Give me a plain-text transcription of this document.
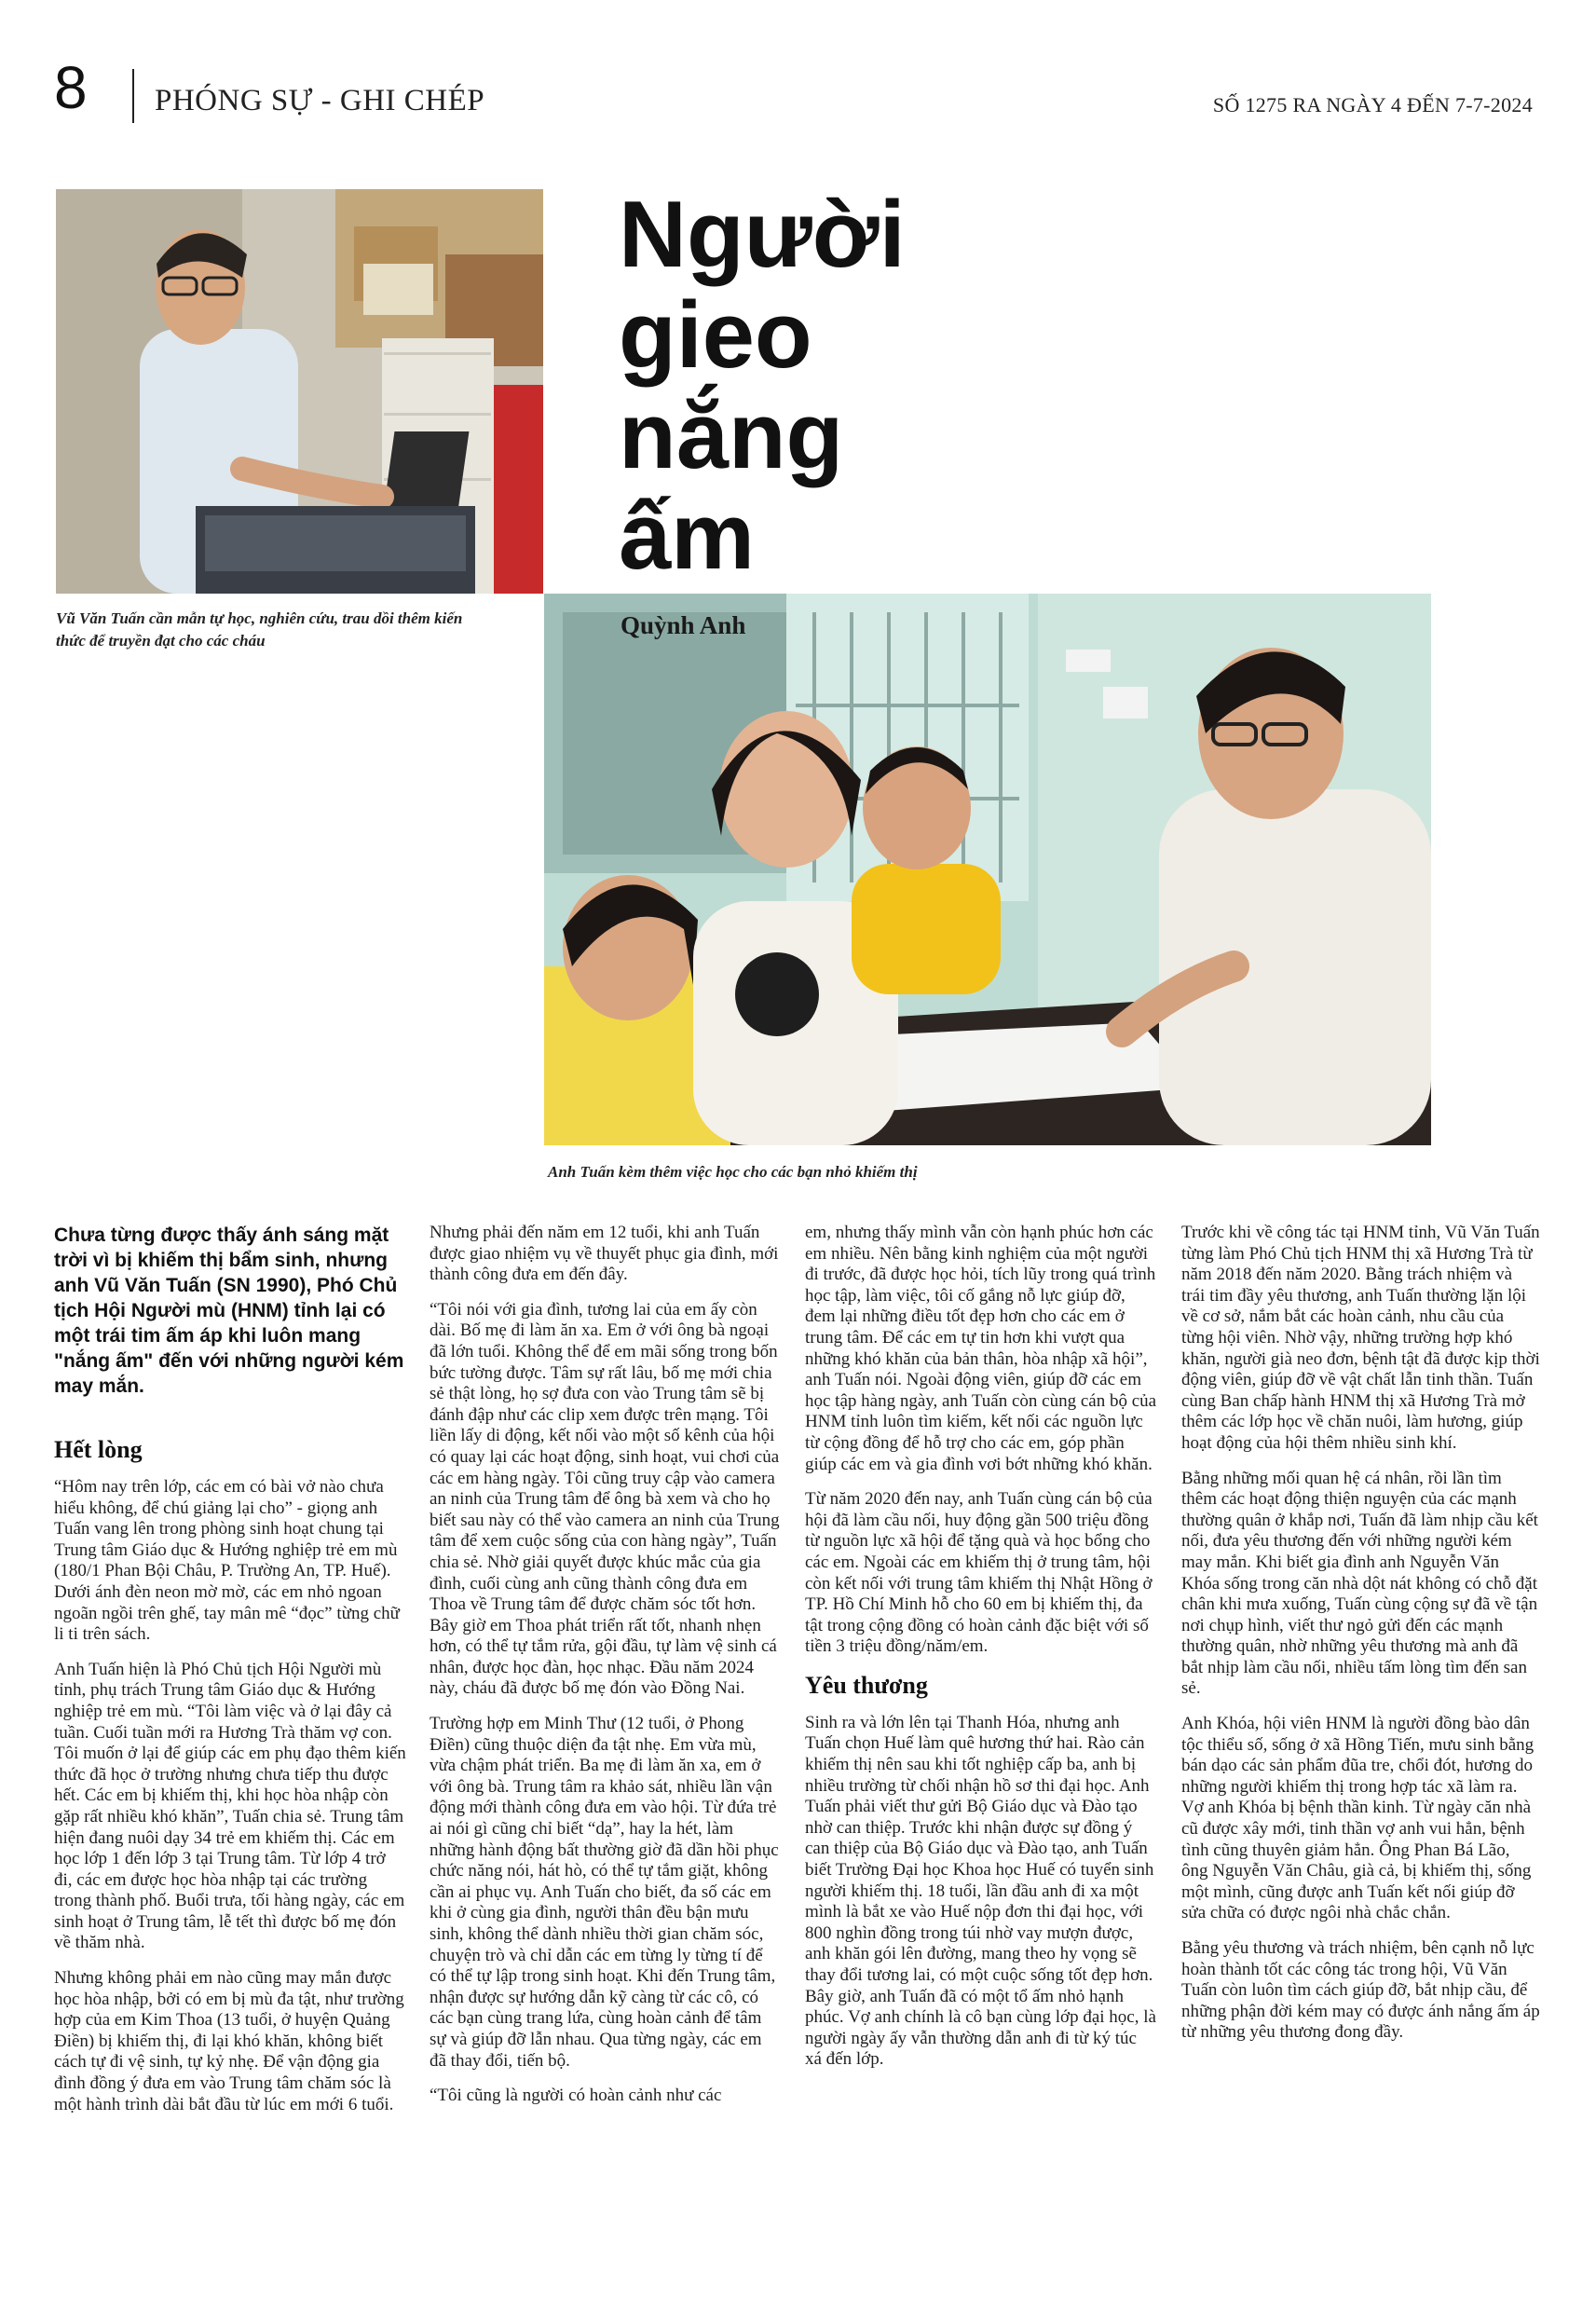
8 PHÓNG SỰ - GHI CHÉP	SỐ 1275 RA NGÀY 4 ĐẾN 7-7-2024
Người
gieo
nắng
ấm
Quỳnh Anh
Vũ Văn Tuấn cần mẫn tự học, nghiên cứu, trau dồi thêm kiến thức để truyền đạt cho các cháu
Anh Tuấn kèm thêm việc học cho các bạn nhỏ khiếm thị

Chưa từng được thấy ánh sáng mặt trời vì bị khiếm thị bẩm sinh, nhưng anh Vũ Văn Tuấn (SN 1990), Phó Chủ tịch Hội Người mù (HNM) tỉnh lại có một trái tim ấm áp khi luôn mang "nắng ấm" đến với những người kém may mắn.

Hết lòng

“Hôm nay trên lớp, các em có bài vở nào chưa hiểu không, để chú giảng lại cho” - giọng anh Tuấn vang lên trong phòng sinh hoạt chung tại Trung tâm Giáo dục & Hướng nghiệp trẻ em mù (180/1 Phan Bội Châu, P. Trường An, TP. Huế). Dưới ánh đèn neon mờ mờ, các em nhỏ ngoan ngoãn ngồi trên ghế, tay mân mê “đọc” từng chữ li ti trên sách.

Anh Tuấn hiện là Phó Chủ tịch Hội Người mù tỉnh, phụ trách Trung tâm Giáo dục & Hướng nghiệp trẻ em mù. “Tôi làm việc và ở lại đây cả tuần. Cuối tuần mới ra Hương Trà thăm vợ con. Tôi muốn ở lại để giúp các em phụ đạo thêm kiến thức đã học ở trường nhưng chưa tiếp thu được hết. Các em bị khiếm thị, khi học hòa nhập còn gặp rất nhiều khó khăn”, Tuấn chia sẻ. Trung tâm hiện đang nuôi dạy 34 trẻ em khiếm thị. Các em học lớp 1 đến lớp 3 tại Trung tâm. Từ lớp 4 trở đi, các em được học hòa nhập tại các trường trong thành phố. Buổi trưa, tối hàng ngày, các em sinh hoạt ở Trung tâm, lễ tết thì được bố mẹ đón về thăm nhà.

Nhưng không phải em nào cũng may mắn được học hòa nhập, bởi có em bị mù đa tật, như trường hợp của em Kim Thoa (13 tuổi, ở huyện Quảng Điền) bị khiếm thị, đi lại khó khăn, không biết cách tự đi vệ sinh, tự kỷ nhẹ. Để vận động gia đình đồng ý đưa em vào Trung tâm chăm sóc là một hành trình dài bắt đầu từ lúc em mới 6 tuổi.

Nhưng phải đến năm em 12 tuổi, khi anh Tuấn được giao nhiệm vụ về thuyết phục gia đình, mới thành công đưa em đến đây.

“Tôi nói với gia đình, tương lai của em ấy còn dài. Bố mẹ đi làm ăn xa. Em ở với ông bà ngoại đã lớn tuổi. Không thể để em mãi sống trong bốn bức tường được. Tâm sự rất lâu, bố mẹ mới chia sẻ thật lòng, họ sợ đưa con vào Trung tâm sẽ bị đánh đập như các clip xem được trên mạng. Tôi liền lấy di động, kết nối vào một số kênh của hội có quay lại các hoạt động, sinh hoạt, vui chơi của các em hàng ngày. Tôi cũng truy cập vào camera an ninh của Trung tâm để ông bà xem và cho họ biết sau này có thể vào camera an ninh của Trung tâm để xem cuộc sống của con hàng ngày”, Tuấn chia sẻ. Nhờ giải quyết được khúc mắc của gia đình, cuối cùng anh cũng thành công đưa em Thoa về Trung tâm để được chăm sóc tốt hơn. Bây giờ em Thoa phát triển rất tốt, nhanh nhẹn hơn, có thể tự tắm rửa, gội đầu, tự làm vệ sinh cá nhân, được học đàn, học nhạc. Đầu năm 2024 này, cháu đã được bố mẹ đón vào Đồng Nai.

Trường hợp em Minh Thư (12 tuổi, ở Phong Điền) cũng thuộc diện đa tật nhẹ. Em vừa mù, vừa chậm phát triển. Ba mẹ đi làm ăn xa, em ở với ông bà. Trung tâm ra khảo sát, nhiều lần vận động mới thành công đưa em vào hội. Từ đứa trẻ ai nói gì cũng chỉ biết “dạ”, hay la hét, làm những hành động bất thường giờ đã dần hồi phục chức năng nói, hát hò, có thể tự tắm giặt, không cần ai phục vụ. Anh Tuấn cho biết, đa số các em khi ở cùng gia đình, người thân đều bận mưu sinh, không thể dành nhiều thời gian chăm sóc, chuyện trò và chỉ dẫn các em từng ly từng tí để có thể tự lập trong sinh hoạt. Khi đến Trung tâm, nhận được sự hướng dẫn kỹ càng từ các cô, có các bạn cùng trang lứa, cùng hoàn cảnh để tâm sự và giúp đỡ lẫn nhau. Qua từng ngày, các em đã thay đổi, tiến bộ.

“Tôi cũng là người có hoàn cảnh như các

em, nhưng thấy mình vẫn còn hạnh phúc hơn các em nhiều. Nên bằng kinh nghiệm của một người đi trước, đã được học hỏi, tích lũy trong quá trình học tập, làm việc, tôi cố gắng nỗ lực giúp đỡ, đem lại những điều tốt đẹp hơn cho các em ở trung tâm. Để các em tự tin hơn khi vượt qua những khó khăn của bản thân, hòa nhập xã hội”, anh Tuấn nói. Ngoài động viên, giúp đỡ các em học tập hàng ngày, anh Tuấn còn cùng cán bộ của HNM tỉnh luôn tìm kiếm, kết nối các nguồn lực từ cộng đồng để hỗ trợ cho các em, góp phần giúp các em và gia đình vơi bớt những khó khăn.

Từ năm 2020 đến nay, anh Tuấn cùng cán bộ của hội đã làm cầu nối, huy động gần 500 triệu đồng từ nguồn lực xã hội để tặng quà và học bổng cho các em. Ngoài các em khiếm thị ở trung tâm, hội còn kết nối với trung tâm khiếm thị Nhật Hồng ở TP. Hồ Chí Minh hỗ cho 60 em bị khiếm thị, đa tật trong cộng đồng có hoàn cảnh đặc biệt với số tiền 3 triệu đồng/năm/em.

Yêu thương

Sinh ra và lớn lên tại Thanh Hóa, nhưng anh Tuấn chọn Huế làm quê hương thứ hai. Rào cản khiếm thị nên sau khi tốt nghiệp cấp ba, anh bị nhiều trường từ chối nhận hồ sơ thi đại học. Anh Tuấn phải viết thư gửi Bộ Giáo dục và Đào tạo nhờ can thiệp. Trước khi nhận được sự đồng ý can thiệp của Bộ Giáo dục và Đào tạo, anh Tuấn biết Trường Đại học Khoa học Huế có tuyển sinh người khiếm thị. 18 tuổi, lần đầu anh đi xa một mình là bắt xe vào Huế nộp đơn thi đại học, với 800 nghìn đồng trong túi nhờ vay mượn được, anh khăn gói lên đường, mang theo hy vọng sẽ thay đổi tương lai, có một cuộc sống tốt đẹp hơn. Bây giờ, anh Tuấn đã có một tổ ấm nhỏ hạnh phúc. Vợ anh chính là cô bạn cùng lớp đại học, là người ngày ấy vẫn thường dẫn anh đi từ ký túc xá đến lớp.

Trước khi về công tác tại HNM tỉnh, Vũ Văn Tuấn từng làm Phó Chủ tịch HNM thị xã Hương Trà từ năm 2018 đến năm 2020. Bằng trách nhiệm và trái tim đầy yêu thương, anh Tuấn thường lặn lội về cơ sở, nắm bắt các hoàn cảnh, nhu cầu của từng hội viên. Nhờ vậy, những trường hợp khó khăn, người già neo đơn, bệnh tật đã được kịp thời động viên, giúp đỡ về vật chất lẫn tinh thần. Tuấn cùng Ban chấp hành HNM thị xã Hương Trà mở thêm các lớp học về chăn nuôi, làm hương, giúp hoạt động của hội thêm nhiều sinh khí.

Bằng những mối quan hệ cá nhân, rồi lần tìm thêm các hoạt động thiện nguyện của các mạnh thường quân ở khắp nơi, Tuấn đã làm nhịp cầu kết nối, đưa yêu thương đến với những người kém may mắn. Khi biết gia đình anh Nguyễn Văn Khóa sống trong căn nhà dột nát không có chỗ đặt chân khi mưa xuống, Tuấn cùng cộng sự đã về tận nơi chụp hình, viết thư ngỏ gửi đến các mạnh thường quân, nhờ những yêu thương mà anh đã bắt nhịp làm cầu nối, nhiều tấm lòng tìm đến san sẻ.

Anh Khóa, hội viên HNM là người đồng bào dân tộc thiểu số, sống ở xã Hồng Tiến, mưu sinh bằng bán dạo các sản phẩm đũa tre, chổi đót, hương do những người khiếm thị trong hợp tác xã làm ra. Vợ anh Khóa bị bệnh thần kinh. Từ ngày căn nhà cũ được xây mới, tinh thần vợ anh vui hẳn, bệnh tình cũng thuyên giảm hẳn. Ông Phan Bá Lão, ông Nguyễn Văn Châu, già cả, bị khiếm thị, sống một mình, cũng được anh Tuấn kết nối giúp đỡ sửa chữa có được ngôi nhà chắc chắn.

Bằng yêu thương và trách nhiệm, bên cạnh nỗ lực hoàn thành tốt các công tác trong hội, Vũ Văn Tuấn còn luôn tìm cách giúp đỡ, bắt nhịp cầu, để những phận đời kém may có được ánh nắng ấm áp từ những yêu thương đong đầy.
